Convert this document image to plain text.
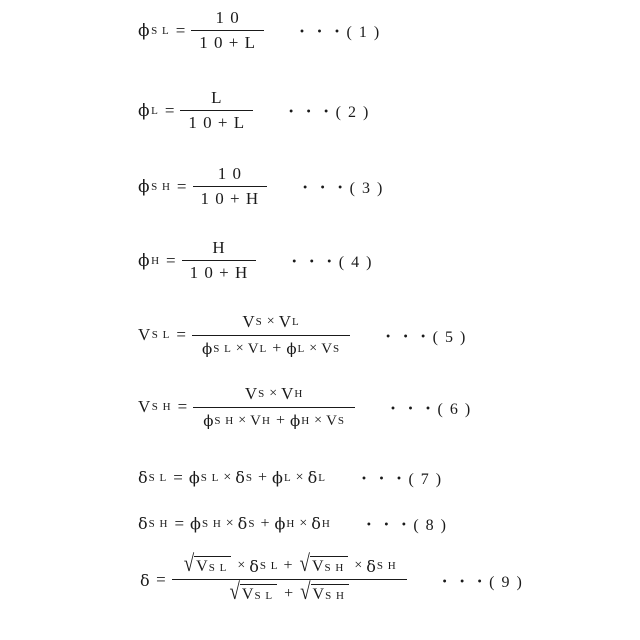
ϕ S $L = \frac{1 0}{1 0 + L}$ ・・・( 1 )
ϕ $L = \frac{L}{1 0 + L}$ ・・・( 2 )
ϕ S $H = \frac{1 0}{1 0 + H}$ ・・・( 3 )
ϕ $H = \frac{H}{1 0 + H}$ ・・・( 4 )
V S L =
V S × V L
ϕ S L × V L + ϕ L × V S
・・・( 5 )
V S H =
V S × V H
ϕ S H × V H + ϕ H × V S
・・・( 6 )
δ S L = ϕ S L × δ S + ϕ L × δ L ・・・( 7 )
δ S H = ϕ S H × δ S + ϕ H × δ H ・・・( 8 )
δ =
√ V S L × δ S L + √ V S H × δ S H
√ V S L + √ V S H
・・・( 9 )
